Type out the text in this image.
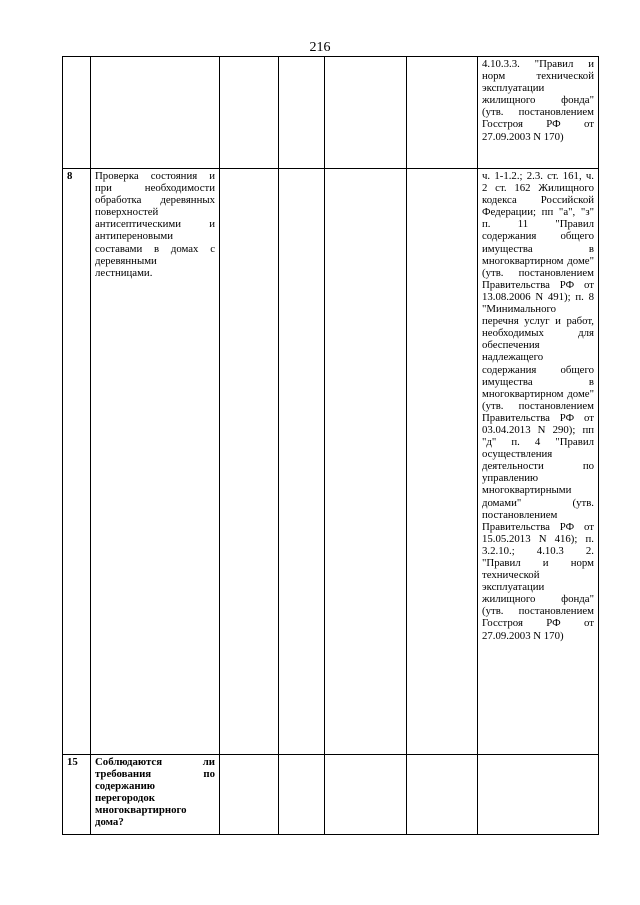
216
						4.10.3.3. "Правил и норм технической эксплуатации жилищного фонда" (утв. постановлением Госстроя РФ от 27.09.2003 N 170)
8	Проверка состояния и при необходимости обработка деревянных поверхностей антисептическими и антипереновыми составами в домах с деревянными лестницами.					ч. 1-1.2.; 2.3. ст. 161, ч. 2 ст. 162 Жилищного кодекса Российской Федерации; пп "а", "з" п. 11 "Правил содержания общего имущества в многоквартирном доме" (утв. постановлением Правительства РФ от 13.08.2006 N 491); п. 8 "Минимального перечня услуг и работ, необходимых для обеспечения надлежащего содержания общего имущества в многоквартирном доме" (утв. постановлением Правительства РФ от 03.04.2013 N 290); пп "д" п. 4 "Правил осуществления деятельности по управлению многоквартирными домами" (утв. постановлением Правительства РФ от 15.05.2013 N 416); п. 3.2.10.; 4.10.3 2. "Правил и норм технической эксплуатации жилищного фонда" (утв. постановлением Госстроя РФ от 27.09.2003 N 170)
15	Соблюдаются ли требования по содержанию перегородок многоквартирного дома?					
